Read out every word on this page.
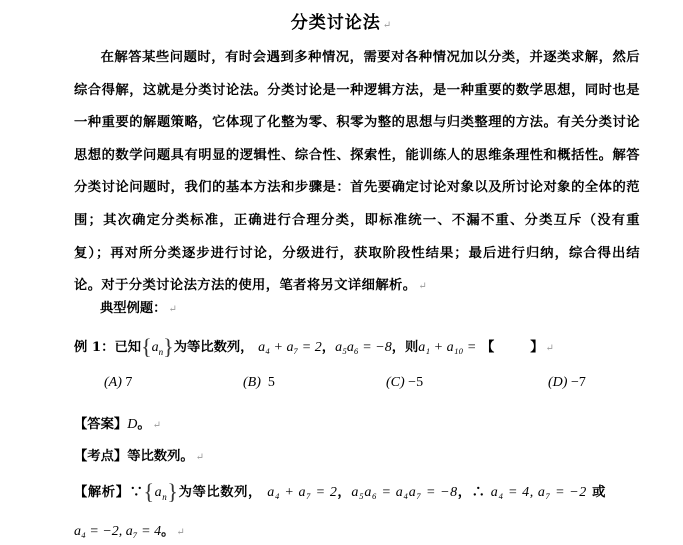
分类讨论法 ↵
在解答某些问题时，有时会遇到多种情况，需要对各种情况加以分类，并逐类求解，然后综合得解，这就是分类讨论法。分类讨论是一种逻辑方法，是一种重要的数学思想，同时也是一种重要的解题策略，它体现了化整为零、积零为整的思想与归类整理的方法。有关分类讨论思想的数学问题具有明显的逻辑性、综合性、探索性，能训练人的思维条理性和概括性。解答分类讨论问题时，我们的基本方法和步骤是：首先要确定讨论对象以及所讨论对象的全体的范围；其次确定分类标准，正确进行合理分类，即标准统一、不漏不重、分类互斥（没有重复）；再对所分类逐步进行讨论，分级进行，获取阶段性结果；最后进行归纳，综合得出结论。对于分类讨论法方法的使用，笔者将另文详细解析。 ↵
典型例题： ↵
例 1：已知$\{a_n\}$为等比数列， a₄ + a₇ = 2，a₅a₆ = −8，则a₁ + a₁₀ = 【	】 ↵
(A) 7	(B) 5	(C) −5	(D) −7
【答案】D。 ↵
【考点】等比数列。 ↵
【解析】$\because\{a_n\}$为等比数列， a₄ + a₇ = 2，a₅a₆ = a₄a₇ = −8，∴ a₄ = 4, a₇ = −2 或
a₄ = −2, a₇ = 4。 ↵
